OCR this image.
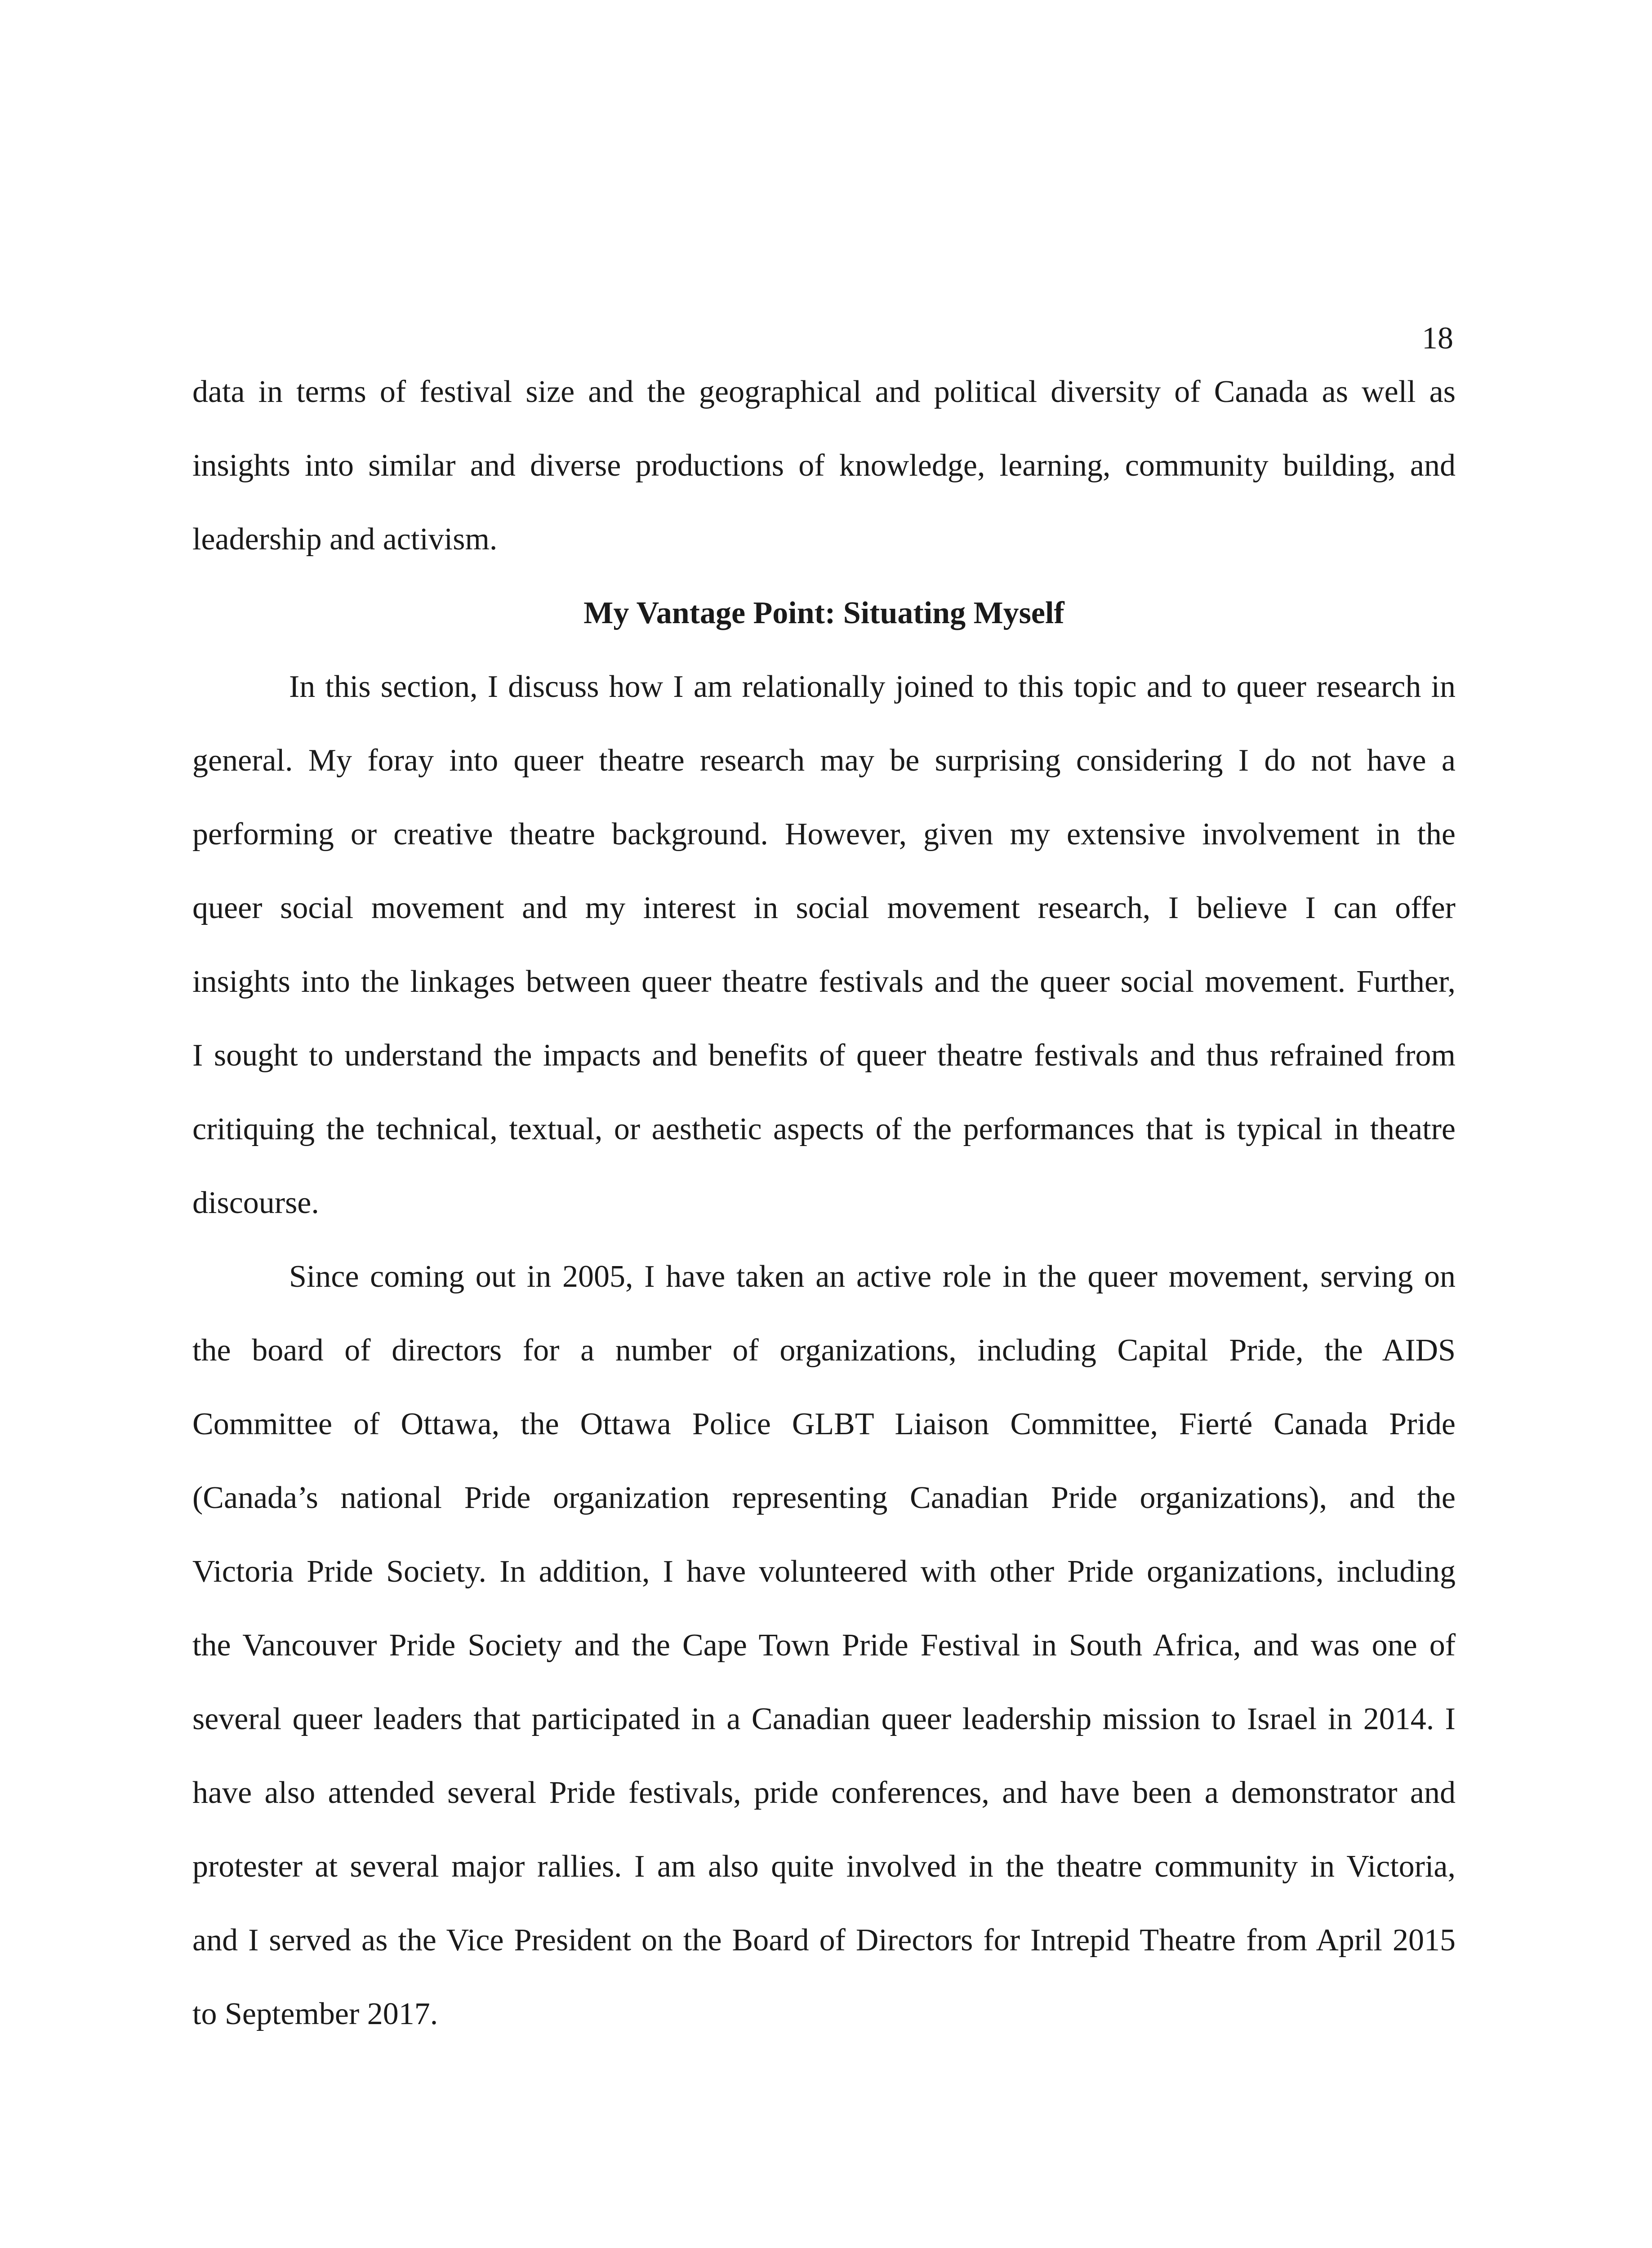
18
data in terms of festival size and the geographical and political diversity of Canada as well as
insights into similar and diverse productions of knowledge, learning, community building, and
leadership and activism.
My Vantage Point: Situating Myself
In this section, I discuss how I am relationally joined to this topic and to queer research in
general. My foray into queer theatre research may be surprising considering I do not have a
performing or creative theatre background. However, given my extensive involvement in the
queer social movement and my interest in social movement research, I believe I can offer
insights into the linkages between queer theatre festivals and the queer social movement. Further,
I sought to understand the impacts and benefits of queer theatre festivals and thus refrained from
critiquing the technical, textual, or aesthetic aspects of the performances that is typical in theatre
discourse.
Since coming out in 2005, I have taken an active role in the queer movement, serving on
the board of directors for a number of organizations, including Capital Pride, the AIDS
Committee of Ottawa, the Ottawa Police GLBT Liaison Committee, Fierté Canada Pride
(Canada’s national Pride organization representing Canadian Pride organizations), and the
Victoria Pride Society. In addition, I have volunteered with other Pride organizations, including
the Vancouver Pride Society and the Cape Town Pride Festival in South Africa, and was one of
several queer leaders that participated in a Canadian queer leadership mission to Israel in 2014. I
have also attended several Pride festivals, pride conferences, and have been a demonstrator and
protester at several major rallies. I am also quite involved in the theatre community in Victoria,
and I served as the Vice President on the Board of Directors for Intrepid Theatre from April 2015
to September 2017.
